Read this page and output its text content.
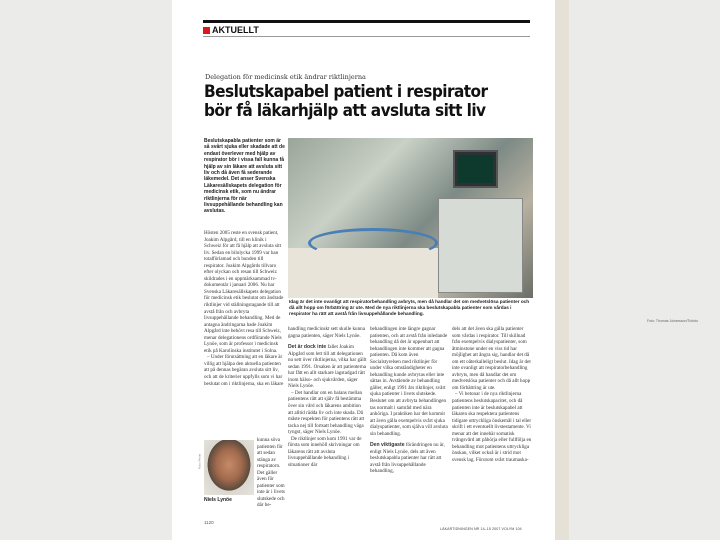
AKTUELLT
Delegation för medicinsk etik ändrar riktlinjerna
Beslutskapabel patient i respirator
bör få läkarhjälp att avsluta sitt liv
Beslutskapabla patienter som är så svårt sjuka eller skadade att de endast överlever med hjälp av respirator bör i vissa fall kunna få hjälp av sin läkare att avsluta sitt liv och då även få sederande läkemedel. Det anser Svenska Läkaresällskapets delegation för medicinsk etik, som nu ändrar riktlinjerna för när livsuppehållande behandling kan avslutas.
Idag är det inte ovanligt att respiratorbehandling avbryts, men då handlar det om medvetslösa patienter och då allt hopp om förbättring är ute. Med de nya riktlinjerna ska beslutskapabla patienter som vårdas i respirator ha rätt att avstå från livsuppehållande behandling.
Foto: Thomas Johansson/Tiofoto

Hösten 2005 reste en svensk patient, Joakim Alpgård, till en klinik i Schweiz för att få hjälp att avsluta sitt liv. Sedan en bilolycka 1999 var han totalförlamad och bunden till respirator. Joakim Alpgårds tillvaro efter olyckan och resan till Schweiz skildrades i en uppmärksammad tv-dokumentär i januari 2006. Nu har Svenska Läkaresällskapets delegation för medicinsk etik beslutat om ändrade riktlinjer vid ställningstagande till att avstå från och avbryta livsuppehållande behandling. Med de antagna ändringarna hade Joakim Alpgård inte behövt resa till Schweiz, menar delegationens ordförande Niels Lynöe, som är professor i medicinsk etik på Karolinska institutet i Solna.

– Under förutsättning att en läkare är villig att hjälpa den aktuella patienten att på dennas begäran avsluta sitt liv, och att de kriterier uppfylls som vi har beslutat om i riktlinjerna, ska en läkare

kunna söva patienten för att sedan stänga av respiratorn. Det gäller även för patienter som inte är i livets slutskede och där be-
Foto: Privat
Niels Lynöe

handling medicinskt sett skulle kunna gagna patienten, säger Niels Lynöe.

Det är dock inte fallet Joakim Alpgård som lett till att delegationen nu sett över riktlinjerna, vilka har gällt sedan 1991. Orsaken är att patienterna har fått en allt starkare lagstadgad rätt inom hälso- och sjukvården, säger Niels Lynöe.

– Det handlar om en balans mellan patientens rätt att själv få bestämma över sin vård och läkarens ambition att alltid rädda liv och inte skada. Då måste respekten för patientens rätt att tacka nej till fortsatt behandling väga tyngst, säger Niels Lynöe.

De riktlinjer som kom 1991 var de första som innehöll skrivningar om läkarens rätt att avsluta livsuppehållande behandling i situationer där

behandlingen inte längre gagnar patienten, och att avstå från inledande behandling då det är uppenbart att behandlingen inte kommer att gagna patienten. Då kom även Socialstyrelsen med riktlinjer för under vilka omständigheter en behandling kunde avbrytas eller inte sättas in. Avstående av behandling gäller, enligt 1991 års riktlinjer, svårt sjuka patienter i livets slutskede. Beslutet om att avbryta behandlingen tas normalt i samråd med nära anhöriga. I praktiken har det kommit att även gälla exempelvis svårt sjuka dialyspatienter, som själva vill avsluta sin behandling.

Den viktigaste förändringen nu är, enligt Niels Lynöe, dels att även beslutskapabla patienter har rätt att avstå från livsuppehållande behandling,

dels att det även ska gälla patienter som vårdas i respirator. Till skillnad från exempelvis dialyspatienter, som åtminstone under en viss tid har möjlighet att ångra sig, handlar det då om ett oåterkalleligt beslut. Idag är det inte ovanligt att respiratorbehandling avbryts, men då handlar det om medvetslösa patienter och då allt hopp om förbättring är ute.

– Vi betonar i de nya riktlinjerna patientens beslutskapacitet, och då patienten inte är beslutskapabel att läkaren ska respektera patientens tidigare uttryckliga önskemål i tal eller skrift i ett eventuellt livstestamente. Vi menar att det innebär somatisk tvångsvård att påbörja eller fullfölja en behandling mot patientens uttryckliga önskan, vilket också är i strid mot svensk lag. Förutom svårt traumaska-

1120
LÄKARTIDNINGEN NR 14–15 2007 VOLYM 104
